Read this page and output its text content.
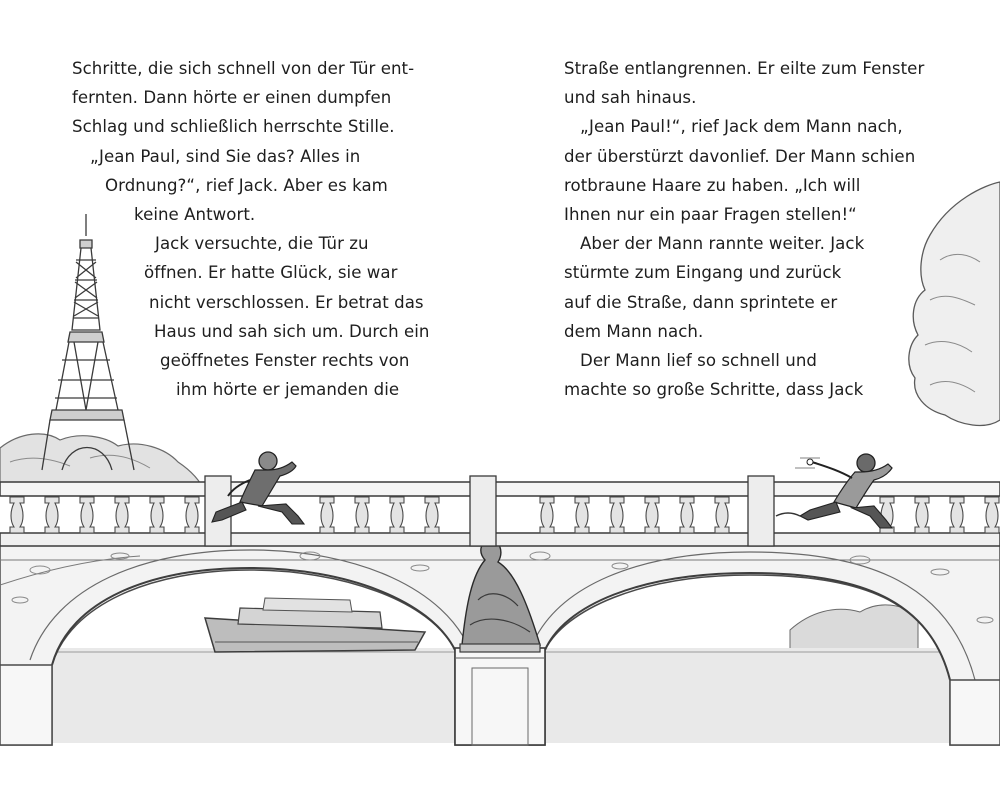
Schritte, die sich schnell von der Tür ent-
fernten. Dann hörte er einen dumpfen
Schlag und schließlich herrschte Stille.
„Jean Paul, sind Sie das? Alles in
Ordnung?“, rief Jack. Aber es kam
keine Antwort.
Jack versuchte, die Tür zu
öffnen. Er hatte Glück, sie war
nicht verschlossen. Er betrat das
Haus und sah sich um. Durch ein
geöffnetes Fenster rechts von
ihm hörte er jemanden die
Straße entlangrennen. Er eilte zum Fenster
und sah hinaus.
„Jean Paul!“, rief Jack dem Mann nach,
der überstürzt davonlief. Der Mann schien
rotbraune Haare zu haben. „Ich will
Ihnen nur ein paar Fragen stellen!“
Aber der Mann rannte weiter. Jack
stürmte zum Eingang und zurück
auf die Straße, dann sprintete er
dem Mann nach.
Der Mann lief so schnell und
machte so große Schritte, dass Jack
